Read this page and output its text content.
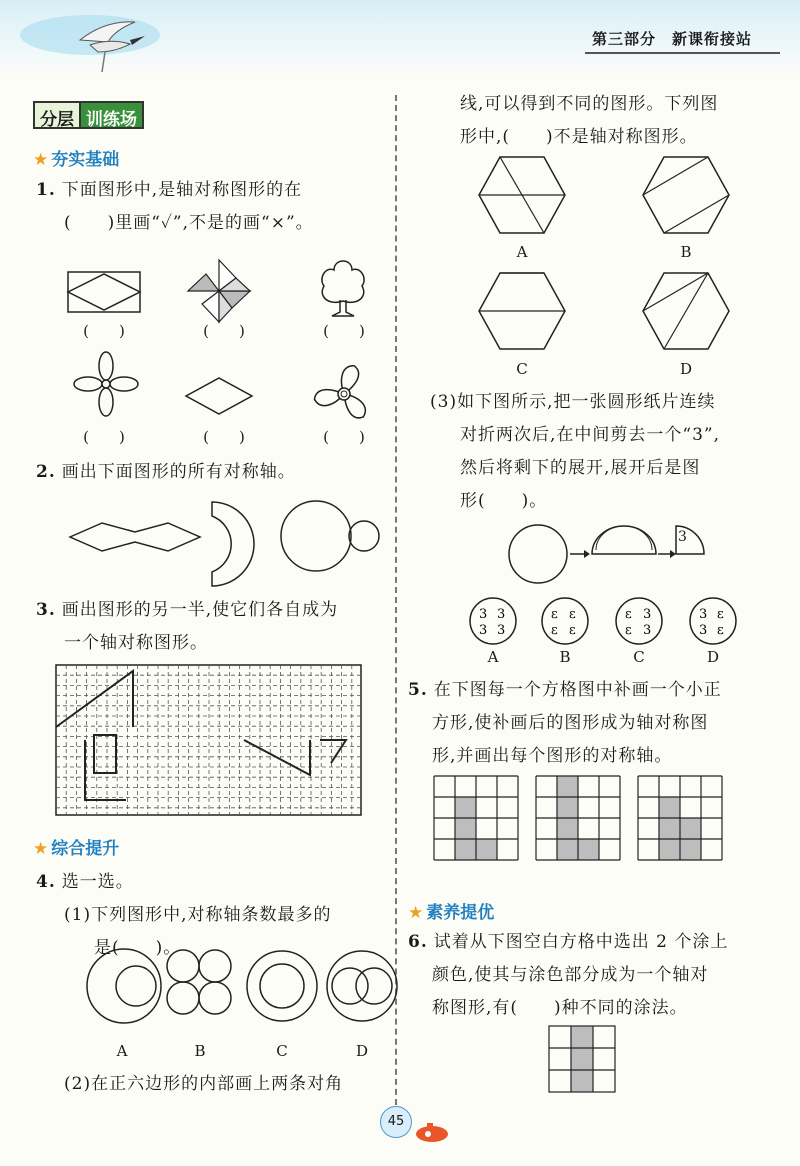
第三部分　 新课衔接站
分层 训练场
★ 夯实基础
1. 下面图形中,是轴对称图形的在
(　　)里画“✓”,不是的画“×”。
(　　)	(　　)	(　　)
(　　)	(　　)	(　　)
2. 画出下面图形的所有对称轴。
3. 画出图形的另一半,使它们各自成为
一个轴对称图形。
★ 综合提升
4. 选一选。
(1)下列图形中,对称轴条数最多的
是(　　)。
A	B	C	D
(2)在正六边形的内部画上两条对角
线,可以得到不同的图形。下列图
形中,(　　)不是轴对称图形。
A	B
C	D
(3)如下图所示,把一张圆形纸片连续
对折两次后,在中间剪去一个“3”,
然后将剩下的展开,展开后是图
形(　　)。
3
3 3
3 3
ε ε
ε ε
ε 3
ε 3
3 ε
3 ε
A	B	C	D
5. 在下图每一个方格图中补画一个小正
方形,使补画后的图形成为轴对称图
形,并画出每个图形的对称轴。
★ 素养提优
6. 试着从下图空白方格中选出 2 个涂上
颜色,使其与涂色部分成为一个轴对
称图形,有(　　)种不同的涂法。
45
